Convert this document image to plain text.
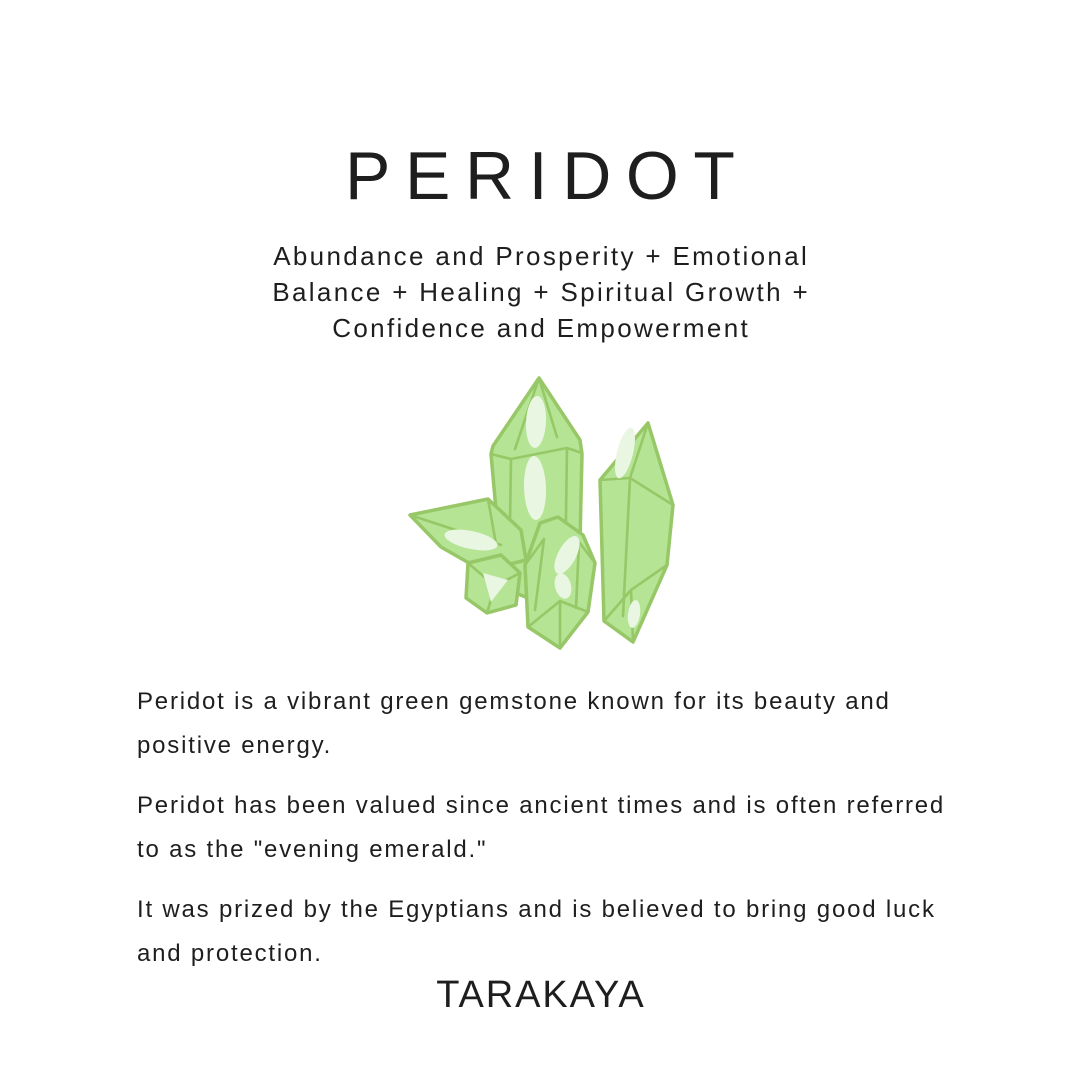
PERIDOT
Abundance and Prosperity + Emotional
Balance + Healing + Spiritual Growth +
Confidence and Empowerment

Peridot is a vibrant green gemstone known for its beauty and
positive energy.

Peridot has been valued since ancient times and is often referred
to as the "evening emerald."

It was prized by the Egyptians and is believed to bring good luck
and protection.

TARAKAYA
